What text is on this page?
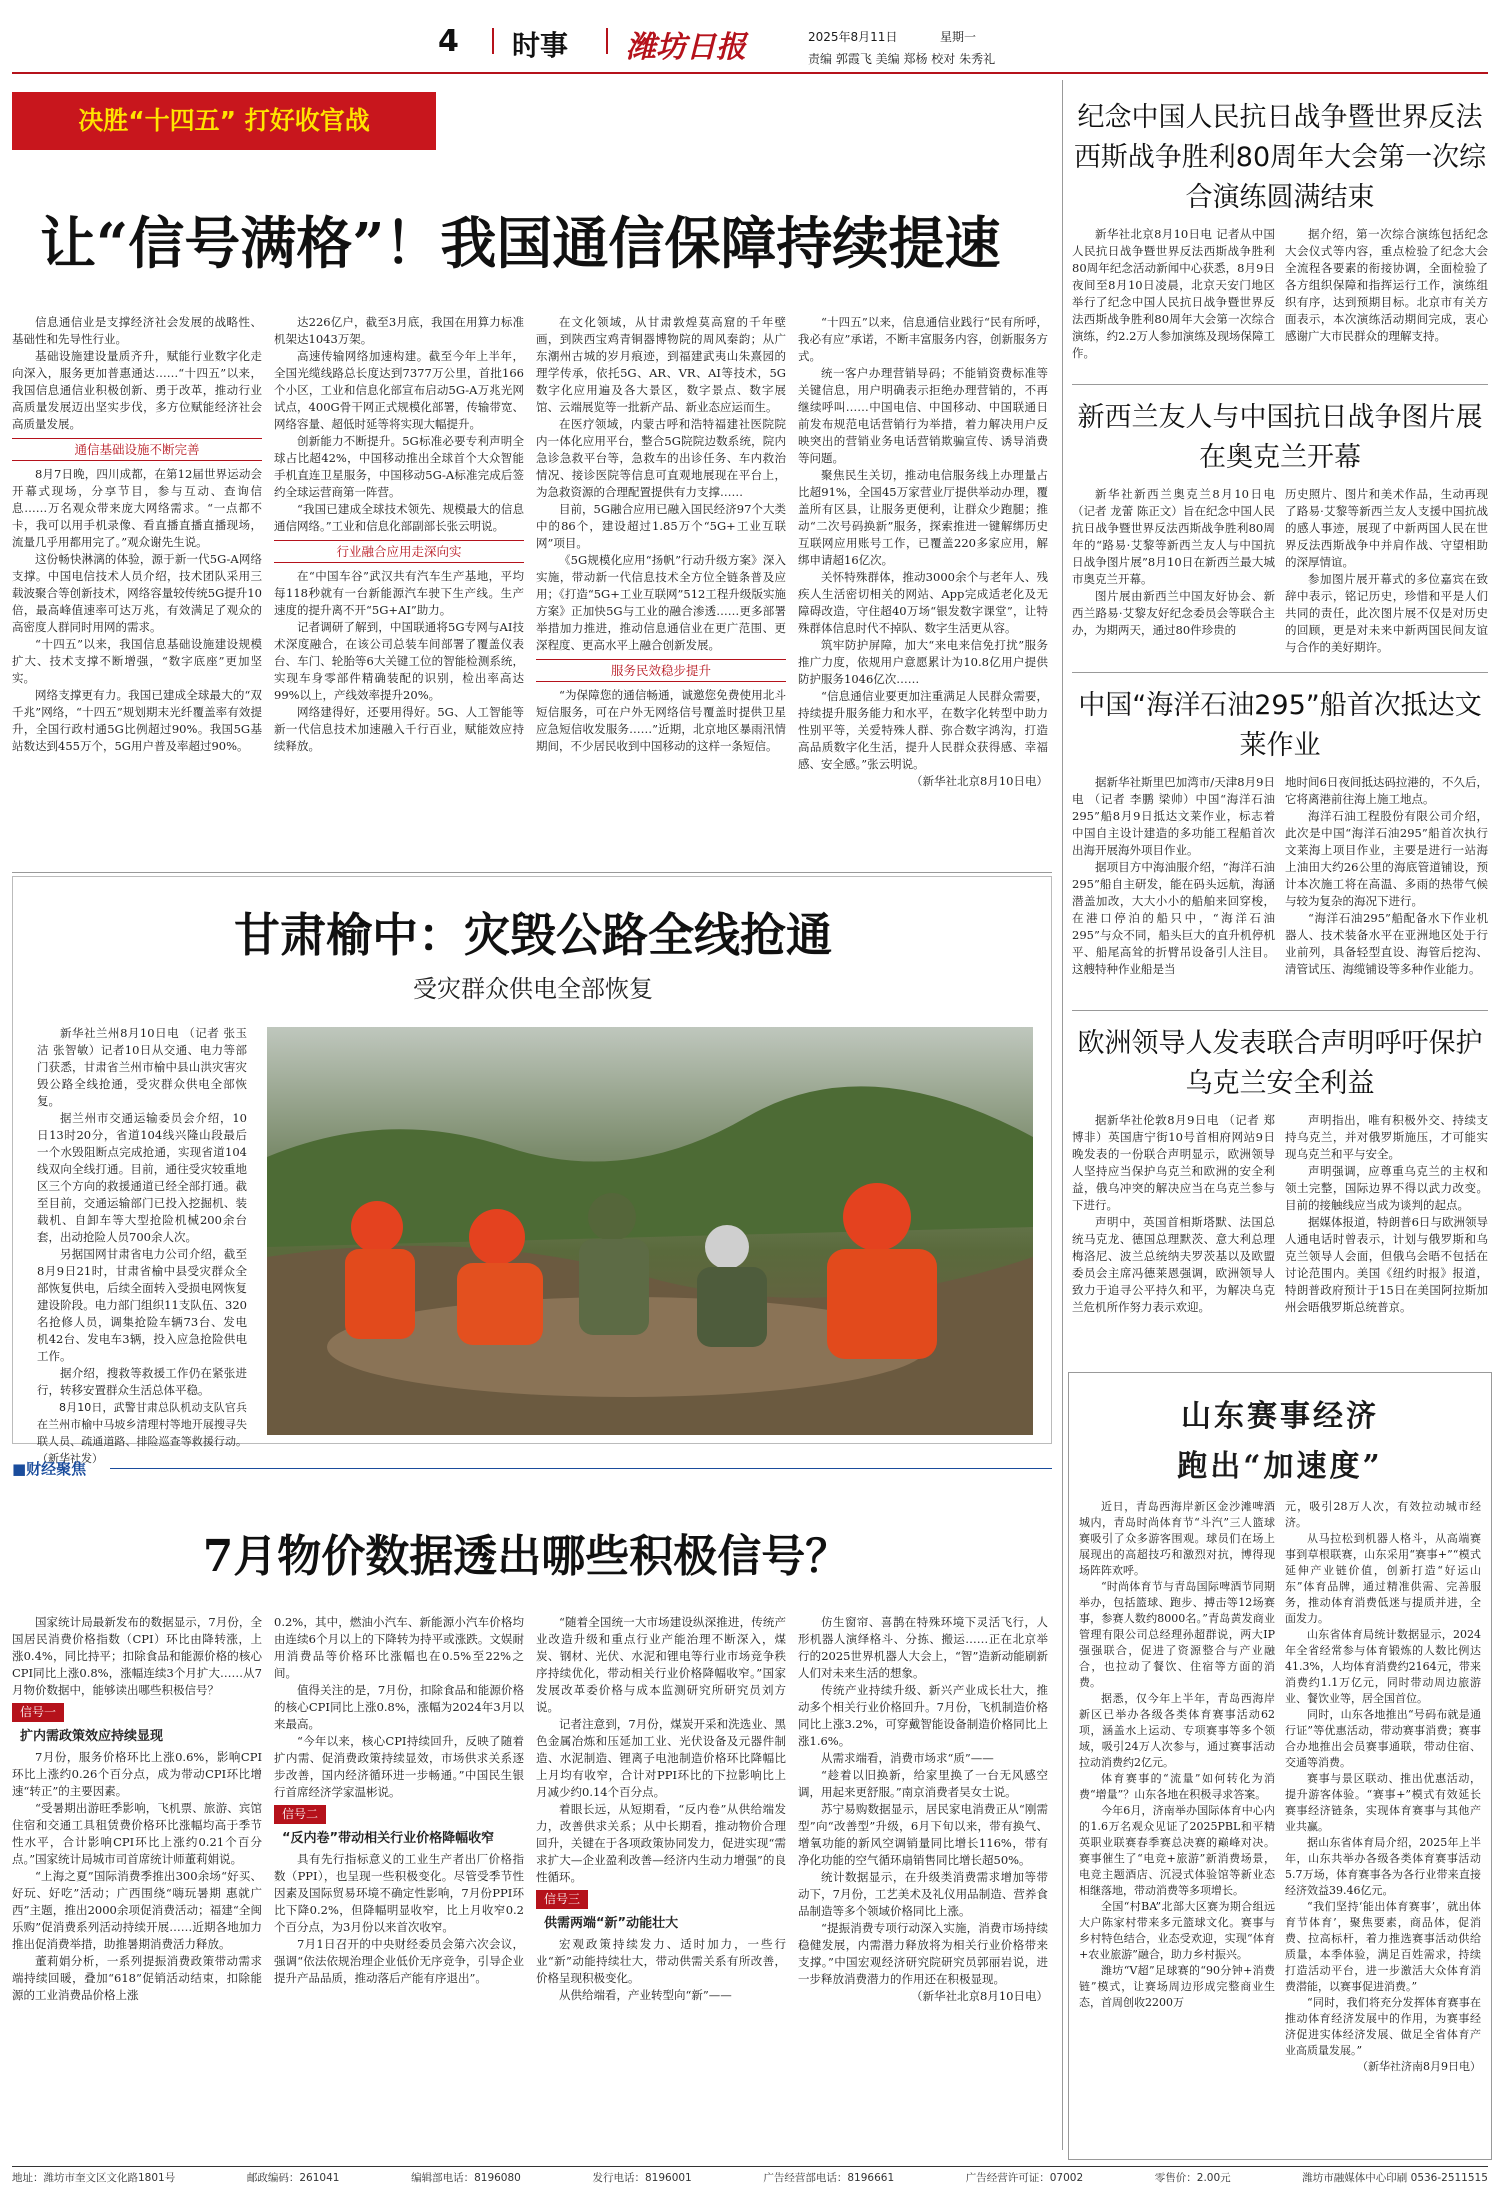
4 时事 潍坊日报	2025年8月11日	星期一
责编 郭霞飞 美编 郑杨 校对 朱秀礼
决胜“十四五” 打好收官战
让“信号满格”！我国通信保障持续提速

信息通信业是支撑经济社会发展的战略性、基础性和先导性行业。

基础设施建设量质齐升，赋能行业数字化走向深入，服务更加普惠通达……“十四五”以来，我国信息通信业积极创新、勇于改革，推动行业高质量发展迈出坚实步伐，多方位赋能经济社会高质量发展。

通信基础设施不断完善

8月7日晚，四川成都，在第12届世界运动会开幕式现场，分享节目，参与互动、查询信息……万名观众带来庞大网络需求。“一点都不卡，我可以用手机录像、看直播直播直播现场，流量几乎用都用完了。”观众谢先生说。

这份畅快淋漓的体验，源于新一代5G-A网络支撑。中国电信技术人员介绍，技术团队采用三载波聚合等创新技术，网络容量较传统5G提升10倍，最高峰值速率可达万兆，有效满足了观众的高密度人群同时用网的需求。

“十四五”以来，我国信息基础设施建设规模扩大、技术支撑不断增强，“数字底座”更加坚实。

网络支撑更有力。我国已建成全球最大的“双千兆”网络，“十四五”规划期末光纤覆盖率有效提升，全国行政村通5G比例超过90%。我国5G基站数达到455万个，5G用户普及率超过90%。

达226亿户，截至3月底，我国在用算力标准机架达1043万架。

高速传输网络加速构建。截至今年上半年，全国光缆线路总长度达到7377万公里，首批166个小区，工业和信息化部宣布启动5G-A万兆光网试点，400G骨干网正式规模化部署，传输带宽、网络容量、超低时延等将实现大幅提升。

创新能力不断提升。5G标准必要专利声明全球占比超42%，中国移动推出全球首个大众智能手机直连卫星服务，中国移动5G-A标准完成后签约全球运营商第一阵营。

“我国已建成全球技术领先、规模最大的信息通信网络。”工业和信息化部副部长张云明说。

行业融合应用走深向实

在“中国车谷”武汉共有汽车生产基地，平均每118秒就有一台新能源汽车驶下生产线。生产速度的提升离不开“5G+AI”助力。

记者调研了解到，中国联通将5G专网与AI技术深度融合，在该公司总装车间部署了覆盖仪表台、车门、轮胎等6大关键工位的智能检测系统，实现车身零部件精确装配的识别，检出率高达99%以上，产线效率提升20%。

网络建得好，还要用得好。5G、人工智能等新一代信息技术加速融入千行百业，赋能效应持续释放。

在文化领域，从甘肃敦煌莫高窟的千年壁画，到陕西宝鸡青铜器博物院的周风秦韵；从广东潮州古城的岁月痕迹，到福建武夷山朱熹园的理学传承，依托5G、AR、VR、AI等技术，5G数字化应用遍及各大景区，数字景点、数字展馆、云端展览等一批新产品、新业态应运而生。

在医疗领域，内蒙古呼和浩特福建社医院院内一体化应用平台，整合5G院院边数系统，院内急诊急救平台等，急救车的出诊任务、车内救治情况、接诊医院等信息可直观地展现在平台上，为急救资源的合理配置提供有力支撑……

目前，5G融合应用已融入国民经济97个大类中的86个，建设超过1.85万个“5G+工业互联网”项目。

《5G规模化应用“扬帆”行动升级方案》深入实施，带动新一代信息技术全方位全链条普及应用；《打造“5G+工业互联网”512工程升级版实施方案》正加快5G与工业的融合渗透……更多部署举措加力推进，推动信息通信业在更广范围、更深程度、更高水平上融合创新发展。

服务民效稳步提升

“为保障您的通信畅通，诚邀您免费使用北斗短信服务，可在户外无网络信号覆盖时提供卫星应急短信收发服务……”近期，北京地区暴雨汛情期间，不少居民收到中国移动的这样一条短信。

“十四五”以来，信息通信业践行“民有所呼，我必有应”承诺，不断丰富服务内容，创新服务方式。

统一客户办理营销导码；不能销资费标准等关键信息，用户明确表示拒绝办理营销的，不再继续呼叫……中国电信、中国移动、中国联通日前发布规范电话营销行为举措，着力解决用户反映突出的营销业务电话营销欺骗宣传、诱导消费等问题。

聚焦民生关切，推动电信服务线上办理量占比超91%，全国45万家营业厅提供举动办理，覆盖所有区县，让服务更便利，让群众少跑腿；推动“二次号码换新”服务，探索推进一键解绑历史互联网应用账号工作，已覆盖220多家应用，解绑申请超16亿次。

关怀特殊群体，推动3000余个与老年人、残疾人生活密切相关的网站、App完成适老化及无障碍改造，守住超40万场“银发数字课堂”，让特殊群体信息时代不掉队、数字生活更从容。

筑牢防护屏障，加大“来电来信免打扰”服务推广力度，依规用户意愿累计为10.8亿用户提供防护服务1046亿次……

“信息通信业要更加注重满足人民群众需要，持续提升服务能力和水平，在数字化转型中助力性别平等，关爱特殊人群、弥合数字鸿沟，打造高品质数字化生活，提升人民群众获得感、幸福感、安全感。”张云明说。

（新华社北京8月10日电）
甘肃榆中：灾毁公路全线抢通
受灾群众供电全部恢复

新华社兰州8月10日电 （记者 张玉洁 张智敏）记者10日从交通、电力等部门获悉，甘肃省兰州市榆中县山洪灾害灾毁公路全线抢通，受灾群众供电全部恢复。

据兰州市交通运输委员会介绍，10日13时20分，省道104线兴隆山段最后一个水毁阻断点完成抢通，实现省道104线双向全线打通。目前，通往受灾较重地区三个方向的救援通道已经全部打通。截至目前，交通运输部门已投入挖掘机、装载机、自卸车等大型抢险机械200余台套，出动抢险人员700余人次。

另据国网甘肃省电力公司介绍，截至8月9日21时，甘肃省榆中县受灾群众全部恢复供电，后续全面转入受损电网恢复建设阶段。电力部门组织11支队伍、320名抢修人员，调集抢险车辆73台、发电机42台、发电车3辆，投入应急抢险供电工作。

据介绍，搜救等救援工作仍在紧张进行，转移安置群众生活总体平稳。

8月10日，武警甘肃总队机动支队官兵在兰州市榆中马坡乡清理村等地开展搜寻失联人员、疏通道路、排险巡查等救援行动。（新华社发）

■财经聚焦
7月物价数据透出哪些积极信号？

国家统计局最新发布的数据显示，7月份，全国居民消费价格指数（CPI）环比由降转涨，上涨0.4%，同比持平；扣除食品和能源价格的核心CPI同比上涨0.8%，涨幅连续3个月扩大……从7月物价数据中，能够读出哪些积极信号？

信号一
扩内需政策效应持续显现

7月份，服务价格环比上涨0.6%，影响CPI环比上涨约0.26个百分点，成为带动CPI环比增速“转正”的主要因素。

“受暑期出游旺季影响，飞机票、旅游、宾馆住宿和交通工具租赁费价格环比涨幅均高于季节性水平，合计影响CPI环比上涨约0.21个百分点。”国家统计局城市司首席统计师董莉娟说。

“上海之夏”国际消费季推出300余场“好买、好玩、好吃”活动；广西围绕“嗨玩暑期 惠就广西”主题，推出2000余项促消费活动；福建“全闽乐购”促消费系列活动持续开展……近期各地加力推出促消费举措，助推暑期消费活力释放。

董莉娟分析，一系列提振消费政策带动需求端持续回暖，叠加“618”促销活动结束，扣除能源的工业消费品价格上涨

0.2%，其中，燃油小汽车、新能源小汽车价格均由连续6个月以上的下降转为持平或涨跌。文娱耐用消费品等价格环比涨幅也在0.5%至22%之间。

值得关注的是，7月份，扣除食品和能源价格的核心CPI同比上涨0.8%，涨幅为2024年3月以来最高。

“今年以来，核心CPI持续回升，反映了随着扩内需、促消费政策持续显效，市场供求关系逐步改善，国内经济循环进一步畅通。”中国民生银行首席经济学家温彬说。

信号二
“反内卷”带动相关行业价格降幅收窄

具有先行指标意义的工业生产者出厂价格指数（PPI），也呈现一些积极变化。尽管受季节性因素及国际贸易环境不确定性影响，7月份PPI环比下降0.2%，但降幅明显收窄，比上月收窄0.2个百分点，为3月份以来首次收窄。

7月1日召开的中央财经委员会第六次会议，强调“依法依规治理企业低价无序竞争，引导企业提升产品品质，推动落后产能有序退出”。

“随着全国统一大市场建设纵深推进，传统产业改造升级和重点行业产能治理不断深入，煤炭、钢材、光伏、水泥和锂电等行业市场竞争秩序持续优化，带动相关行业价格降幅收窄。”国家发展改革委价格与成本监测研究所研究员刘方说。

记者注意到，7月份，煤炭开采和洗选业、黑色金属冶炼和压延加工业、光伏设备及元器件制造、水泥制造、锂离子电池制造价格环比降幅比上月均有收窄，合计对PPI环比的下拉影响比上月减少约0.14个百分点。

着眼长远，从短期看，“反内卷”从供给端发力，改善供求关系；从中长期看，推动物价合理回升，关键在于各项政策协同发力，促进实现“需求扩大—企业盈利改善—经济内生动力增强”的良性循环。

信号三
供需两端“新”动能壮大

宏观政策持续发力、适时加力，一些行业“新”动能持续壮大，带动供需关系有所改善，价格呈现积极变化。

从供给端看，产业转型向“新”——

仿生窗帘、喜鹊在特殊环境下灵活飞行，人形机器人演绎格斗、分拣、搬运……正在北京举行的2025世界机器人大会上，“智”造新动能刷新人们对未来生活的想象。

传统产业持续升级、新兴产业成长壮大，推动多个相关行业价格回升。7月份，飞机制造价格同比上涨3.2%，可穿戴智能设备制造价格同比上涨1.6%。

从需求端看，消费市场求“质”——

“趁着以旧换新，给家里换了一台无风感空调，用起来更舒服。”南京消费者吴女士说。

苏宁易购数据显示，居民家电消费正从“刚需型”向“改善型”升级，6月下旬以来，带有换气、增氧功能的新风空调销量同比增长116%，带有净化功能的空气循环扇销售同比增长超50%。

统计数据显示，在升级类消费需求增加等带动下，7月份，工艺美术及礼仪用品制造、营养食品制造等多个领域价格同比上涨。

“提振消费专项行动深入实施，消费市场持续稳健发展，内需潜力释放将为相关行业价格带来支撑。”中国宏观经济研究院研究员郭丽岩说，进一步释放消费潜力的作用还在积极显现。

（新华社北京8月10日电）
纪念中国人民抗日战争暨世界反法西斯战争胜利80周年大会第一次综合演练圆满结束

新华社北京8月10日电 记者从中国人民抗日战争暨世界反法西斯战争胜利80周年纪念活动新闻中心获悉，8月9日夜间至8月10日凌晨，北京天安门地区举行了纪念中国人民抗日战争暨世界反法西斯战争胜利80周年大会第一次综合演练，约2.2万人参加演练及现场保障工作。

据介绍，第一次综合演练包括纪念大会仪式等内容，重点检验了纪念大会全流程各要素的衔接协调，全面检验了各方组织保障和指挥运行工作，演练组织有序，达到预期目标。北京市有关方面表示，本次演练活动期间完成，衷心感谢广大市民群众的理解支持。

新西兰友人与中国抗日战争图片展在奥克兰开幕

新华社新西兰奥克兰8月10日电 （记者 龙蕾 陈正文）旨在纪念中国人民抗日战争暨世界反法西斯战争胜利80周年的“路易·艾黎等新西兰友人与中国抗日战争图片展”8月10日在新西兰最大城市奥克兰开幕。

图片展由新西兰中国友好协会、新西兰路易·艾黎友好纪念委员会等联合主办，为期两天，通过80件珍贵的

历史照片、图片和美术作品，生动再现了路易·艾黎等新西兰友人支援中国抗战的感人事迹，展现了中新两国人民在世界反法西斯战争中并肩作战、守望相助的深厚情谊。

参加图片展开幕式的多位嘉宾在致辞中表示，铭记历史，珍惜和平是人们共同的责任，此次图片展不仅是对历史的回顾，更是对未来中新两国民间友谊与合作的美好期许。

中国“海洋石油295”船首次抵达文莱作业

据新华社斯里巴加湾市/天津8月9日电 （记者 李鹏 梁帅）中国“海洋石油295”船8月9日抵达文莱作业，标志着中国自主设计建造的多功能工程船首次出海开展海外项目作业。

据项目方中海油服介绍，“海洋石油295”船自主研发，能在码头远航，海涵潜盖加改，大大小小的船舶来回穿梭，在港口停泊的船只中，“海洋石油295”与众不同，船头巨大的直升机停机平、船尾高耸的折臂吊设备引人注目。这艘特种作业船是当

地时间6日夜间抵达码拉港的，不久后，它将离港前往海上施工地点。

海洋石油工程股份有限公司介绍，此次是中国“海洋石油295”船首次执行文莱海上项目作业，主要是进行一站海上油田大约26公里的海底管道铺设，预计本次施工将在高温、多雨的热带气候与较为复杂的海况下进行。

“海洋石油295”船配备水下作业机器人、技术装备水平在亚洲地区处于行业前列，具备轻型直设、海管后挖沟、清管试压、海缆铺设等多种作业能力。

欧洲领导人发表联合声明呼吁保护乌克兰安全利益

据新华社伦敦8月9日电 （记者 郑博非）英国唐宁街10号首相府网站9日晚发表的一份联合声明显示，欧洲领导人坚持应当保护乌克兰和欧洲的安全利益，俄乌冲突的解决应当在乌克兰参与下进行。

声明中，英国首相斯塔默、法国总统马克龙、德国总理默茨、意大利总理梅洛尼、波兰总统纳夫罗茨基以及欧盟委员会主席冯德莱恩强调，欧洲领导人致力于追寻公平持久和平，为解决乌克兰危机所作努力表示欢迎。

声明指出，唯有积极外交、持续支持乌克兰，并对俄罗斯施压，才可能实现乌克兰和平与安全。

声明强调，应尊重乌克兰的主权和领土完整，国际边界不得以武力改变。目前的接触线应当成为谈判的起点。

据媒体报道，特朗普6日与欧洲领导人通电话时曾表示，计划与俄罗斯和乌克兰领导人会面，但俄乌会晤不包括在讨论范围内。美国《纽约时报》报道，特朗普政府预计于15日在美国阿拉斯加州会晤俄罗斯总统普京。

山东赛事经济
跑出“加速度”

近日，青岛西海岸新区金沙滩啤酒城内，青岛时尚体育节“斗汽”三人篮球赛吸引了众多游客围观。球员们在场上展现出的高超技巧和激烈对抗，博得现场阵阵欢呼。

“时尚体育节与青岛国际啤酒节同期举办，包括篮球、跑步、搏击等12场赛事，参赛人数约8000名。”青岛黄发商业管理有限公司总经理孙超群说，两大IP强强联合，促进了资源整合与产业融合，也拉动了餐饮、住宿等方面的消费。

据悉，仅今年上半年，青岛西海岸新区已举办各级各类体育赛事活动62项，涵盖水上运动、专项赛事等多个领域，吸引24万人次参与，通过赛事活动拉动消费约2亿元。

体育赛事的“流量”如何转化为消费“增量”？山东各地在积极寻求答案。

今年6月，济南举办国际体育中心内的1.6万名观众见证了2025PBL和平精英职业联赛春季赛总决赛的巅峰对决。赛事催生了“电竞+旅游”新消费场景，电竞主题酒店、沉浸式体验馆等新业态相继落地，带动消费等多项增长。

全国“村BA”北部大区赛为期合组远大户陈家村带来多元篮球文化。赛事与乡村特色结合，业态受欢迎，实现“体育+农业旅游”融合，助力乡村振兴。

潍坊“V超”足球赛的“90分钟+消费链”模式，让赛场周边形成完整商业生态，首周创收2200万

元，吸引28万人次，有效拉动城市经济。

从马拉松到机器人格斗，从高端赛事到草根联赛，山东采用“赛事+”“模式延伸产业链价值，创新打造“好运山东”体育品牌，通过精准供需、完善服务，推动体育消费低迷与提质并进，全面发力。

山东省体育局统计数据显示，2024年全省经常参与体育锻炼的人数比例达41.3%，人均体育消费约2164元，带来消费约1.1万亿元，同时带动周边旅游业、餐饮业等，居全国首位。

同时，山东各地推出“号码布就是通行证”等优惠活动，带动赛事消费；赛事合办地推出会员赛事通联，带动住宿、交通等消费。

赛事与景区联动、推出优惠活动，提升游客体验。“赛事+”模式有效延长赛事经济链条，实现体育赛事与其他产业共赢。

据山东省体育局介绍，2025年上半年，山东共举办各级各类体育赛事活动5.7万场，体育赛事各为各行业带来直接经济效益39.46亿元。

“我们坚持‘能出体育赛事’，就出体育节体育’，聚焦要素，商品体，促消费、拉高标杆，着力推选赛事活动供给质量，本季体验，满足百姓需求，持续打造活动平台，进一步激活大众体育消费潜能，以赛事促进消费。”

“同时，我们将充分发挥体育赛事在推动体育经济发展中的作用，为赛事经济促进实体经济发展、做足全省体育产业高质量发展。”

（新华社济南8月9日电）
地址：潍坊市奎文区文化路1801号	邮政编码：261041	编辑部电话：8196080	发行电话：8196001	广告经营部电话：8196661	广告经营许可证：07002	零售价：2.00元	潍坊市融媒体中心印刷 0536-2511515
